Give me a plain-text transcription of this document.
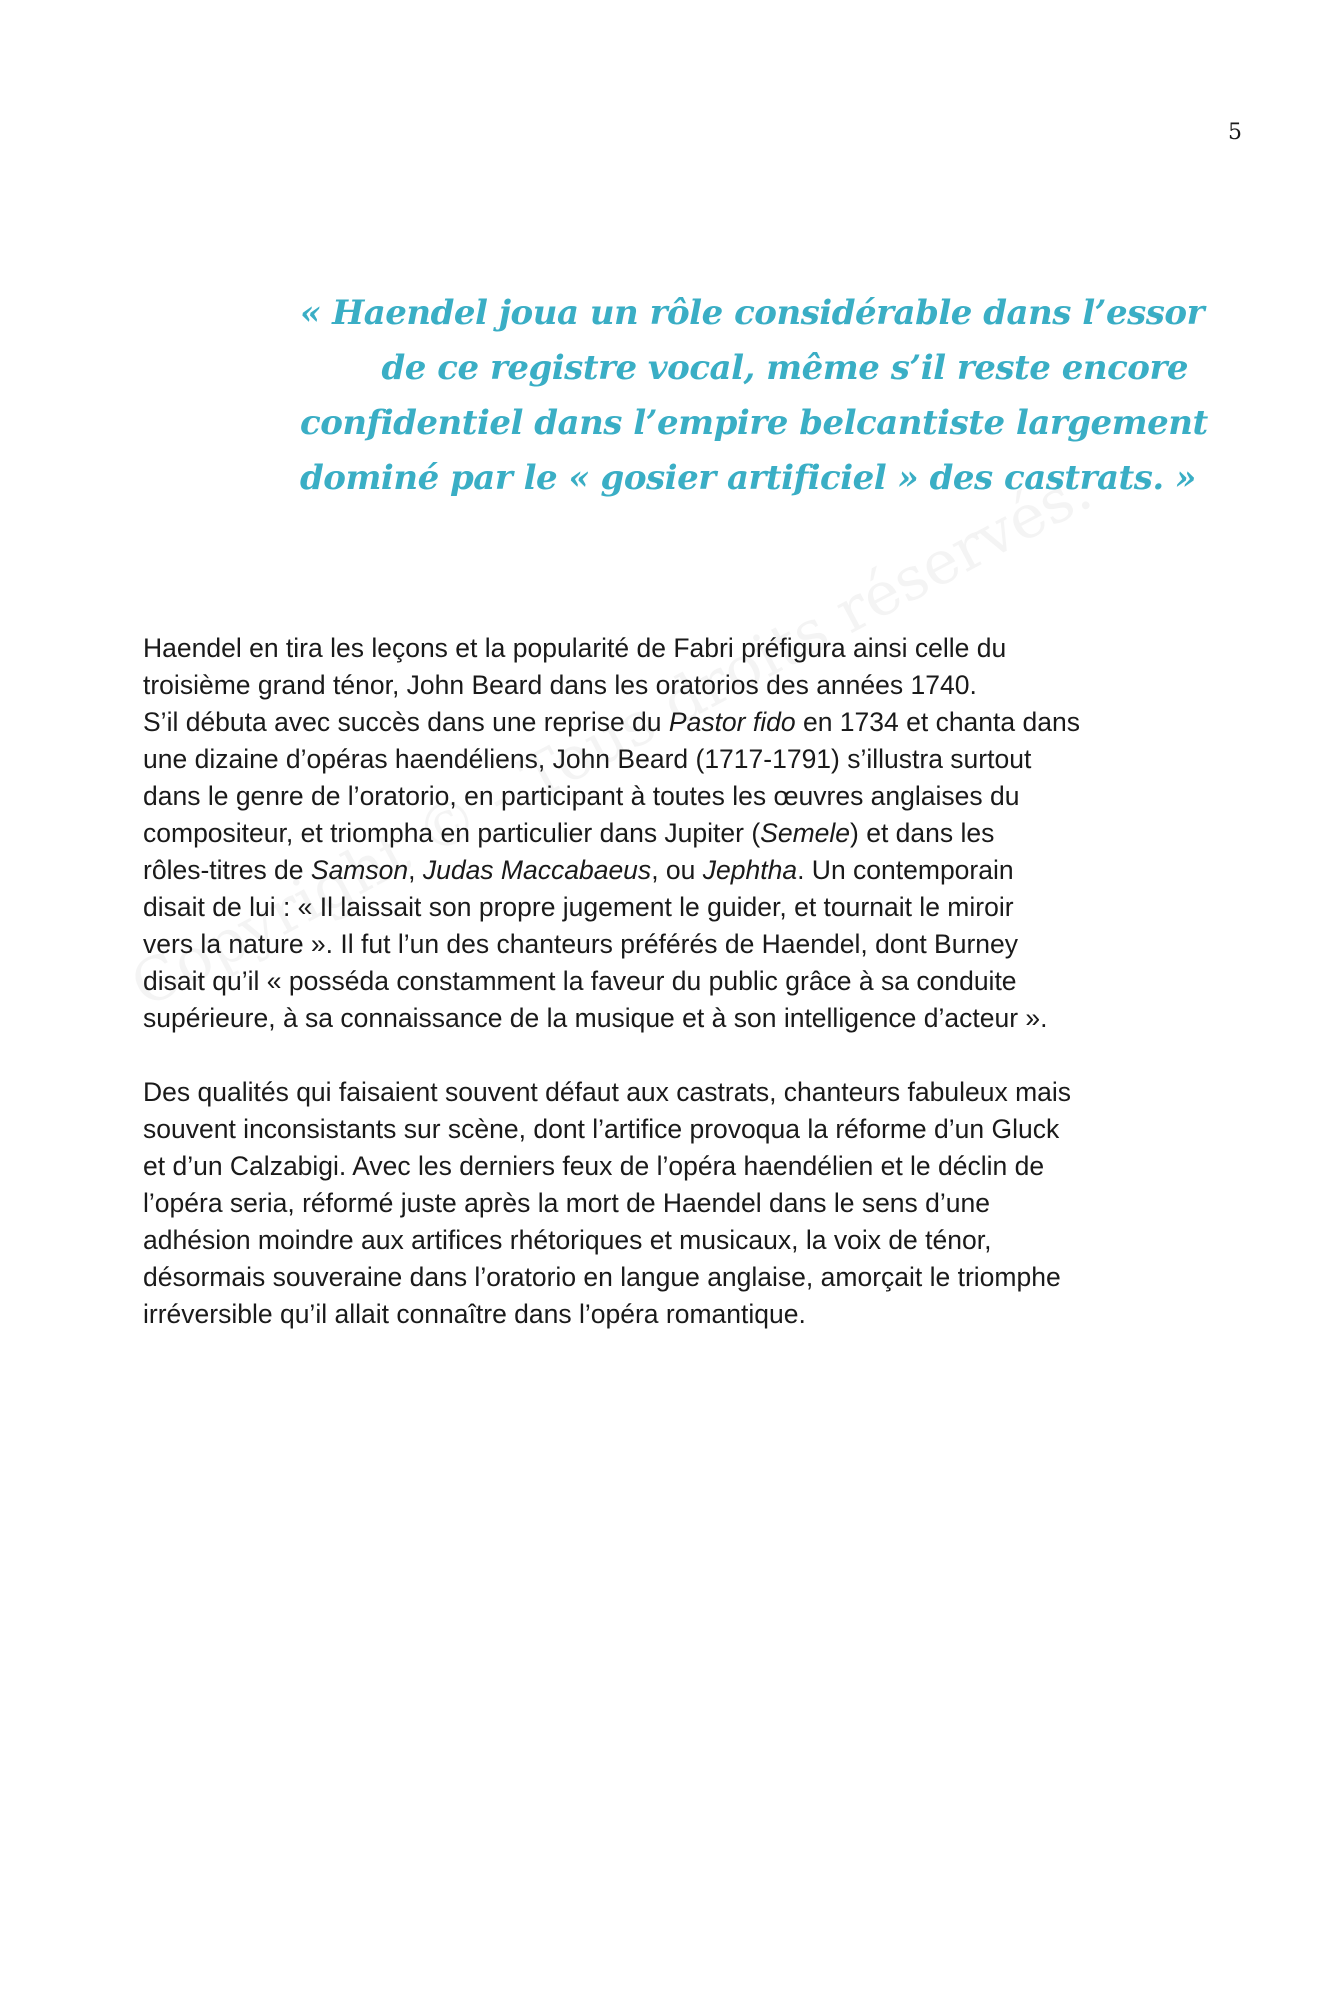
5
« Haendel joua un rôle considérable dans l’essor
de ce registre vocal, même s’il reste encore
confidentiel dans l’empire belcantiste largement
dominé par le « gosier artificiel » des castrats. »

Haendel en tira les leçons et la popularité de Fabri préfigura ainsi celle du
troisième grand ténor, John Beard dans les oratorios des années 1740.
S’il débuta avec succès dans une reprise du Pastor fido en 1734 et chanta dans
une dizaine d’opéras haendéliens, John Beard (1717-1791) s’illustra surtout
dans le genre de l’oratorio, en participant à toutes les œuvres anglaises du
compositeur, et triompha en particulier dans Jupiter (Semele) et dans les
rôles-titres de Samson, Judas Maccabaeus, ou Jephtha. Un contemporain
disait de lui : « Il laissait son propre jugement le guider, et tournait le miroir
vers la nature ». Il fut l’un des chanteurs préférés de Haendel, dont Burney
disait qu’il « posséda constamment la faveur du public grâce à sa conduite
supérieure, à sa connaissance de la musique et à son intelligence d’acteur ».

Des qualités qui faisaient souvent défaut aux castrats, chanteurs fabuleux mais
souvent inconsistants sur scène, dont l’artifice provoqua la réforme d’un Gluck
et d’un Calzabigi. Avec les derniers feux de l’opéra haendélien et le déclin de
l’opéra seria, réformé juste après la mort de Haendel dans le sens d’une
adhésion moindre aux artifices rhétoriques et musicaux, la voix de ténor,
désormais souveraine dans l’oratorio en langue anglaise, amorçait le triomphe
irréversible qu’il allait connaître dans l’opéra romantique.
